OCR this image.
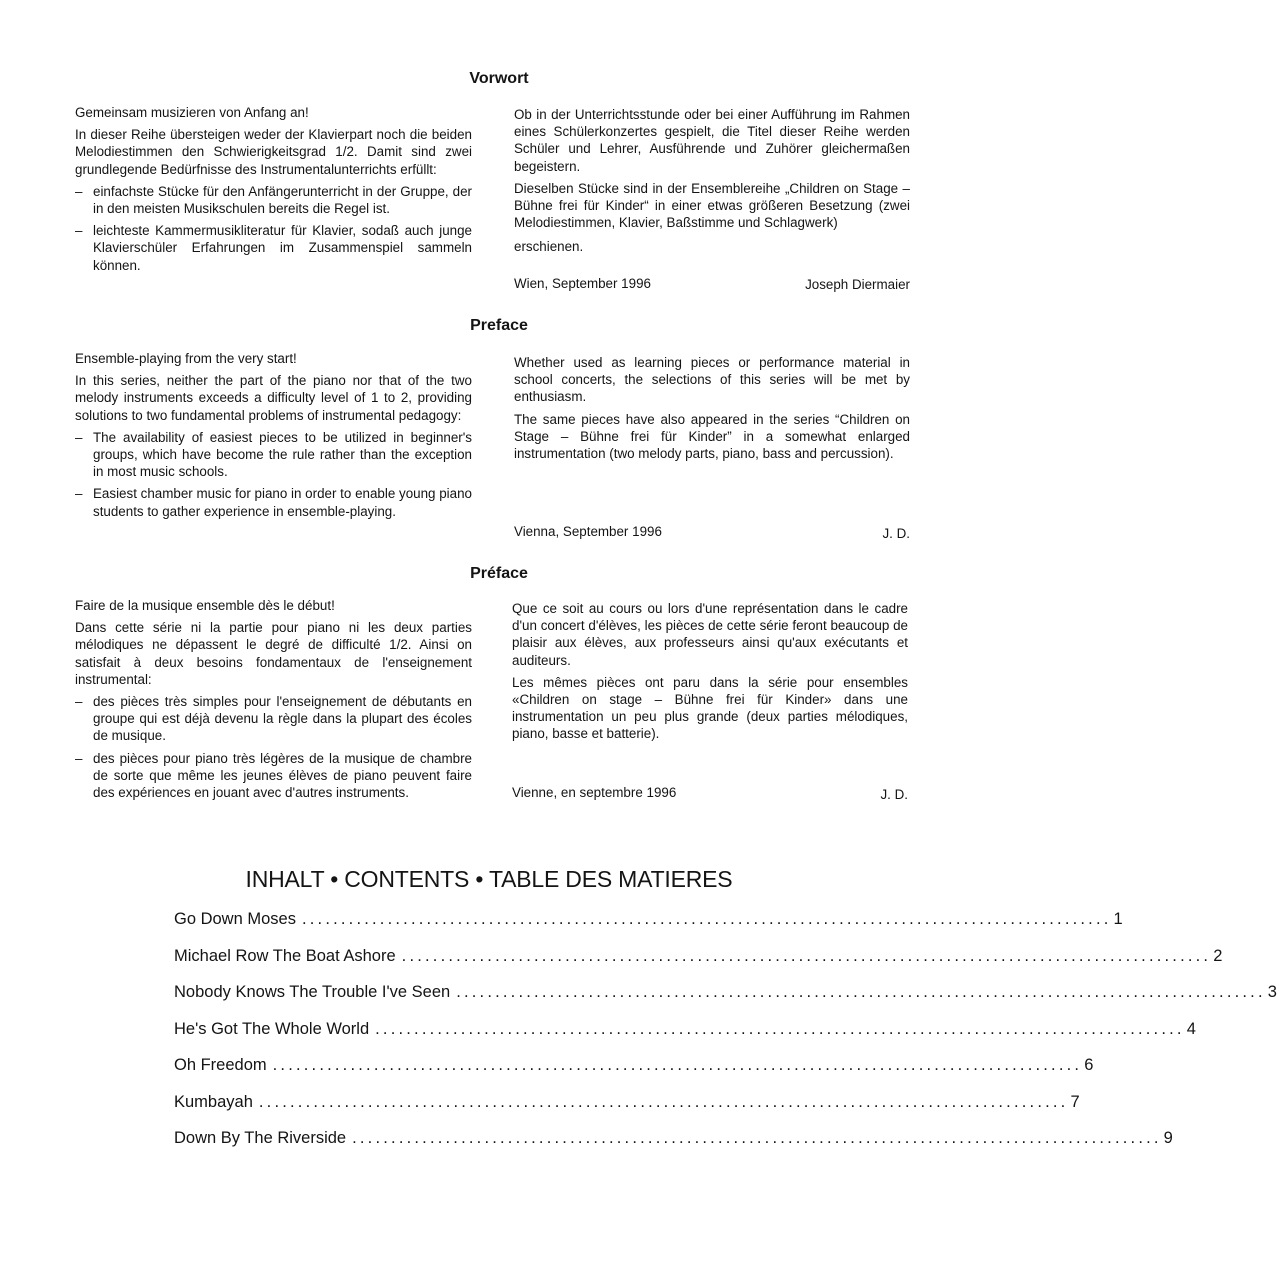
Vorwort

Gemeinsam musizieren von Anfang an!

In dieser Reihe übersteigen weder der Klavierpart noch die beiden Melodiestimmen den Schwierigkeitsgrad 1/2. Damit sind zwei grundlegende Bedürfnisse des Instrumentalunterrichts erfüllt:

– einfachste Stücke für den Anfängerunterricht in der Gruppe, der in den meisten Musikschulen bereits die Regel ist.
– leichteste Kammermusikliteratur für Klavier, sodaß auch junge Klavierschüler Erfahrungen im Zusammenspiel sammeln können.

Ob in der Unterrichtsstunde oder bei einer Aufführung im Rahmen eines Schülerkonzertes gespielt, die Titel dieser Reihe werden Schüler und Lehrer, Ausführende und Zuhörer gleichermaßen begeistern.

Dieselben Stücke sind in der Ensemblereihe „Children on Stage – Bühne frei für Kinder“ in einer etwas größeren Besetzung (zwei Melodiestimmen, Klavier, Baßstimme und Schlagwerk)

erschienen.

Wien, September 1996	Joseph Diermaier
Preface

Ensemble-playing from the very start!

In this series, neither the part of the piano nor that of the two melody instruments exceeds a difficulty level of 1 to 2, providing solutions to two fundamental problems of instrumental pedagogy:

– The availability of easiest pieces to be utilized in beginner's groups, which have become the rule rather than the exception in most music schools.
– Easiest chamber music for piano in order to enable young piano students to gather experience in ensemble-playing.

Whether used as learning pieces or performance material in school concerts, the selections of this series will be met by enthusiasm.

The same pieces have also appeared in the series “Children on Stage – Bühne frei für Kinder” in a somewhat enlarged instrumentation (two melody parts, piano, bass and percussion).

Vienna, September 1996	J. D.
Préface

Faire de la musique ensemble dès le début!

Dans cette série ni la partie pour piano ni les deux parties mélodiques ne dépassent le degré de difficulté 1/2. Ainsi on satisfait à deux besoins fondamentaux de l'enseignement instrumental:

– des pièces très simples pour l'enseignement de débutants en groupe qui est déjà devenu la règle dans la plupart des écoles de musique.
– des pièces pour piano très légères de la musique de chambre de sorte que même les jeunes élèves de piano peuvent faire des expériences en jouant avec d'autres instruments.

Que ce soit au cours ou lors d'une représentation dans le cadre d'un concert d'élèves, les pièces de cette série feront beaucoup de plaisir aux élèves, aux professeurs ainsi qu'aux exécutants et auditeurs.

Les mêmes pièces ont paru dans la série pour ensembles «Children on stage – Bühne frei für Kinder» dans une instrumentation un peu plus grande (deux parties mélodiques, piano, basse et batterie).

Vienne, en septembre 1996	J. D.
INHALT • CONTENTS • TABLE DES MATIERES
Go Down Moses ........................................................................................................ 1
Michael Row The Boat Ashore ........................................................................................................ 2
Nobody Knows The Trouble I've Seen ........................................................................................................ 3
He's Got The Whole World ........................................................................................................ 4
Oh Freedom ........................................................................................................ 6
Kumbayah ........................................................................................................ 7
Down By The Riverside ........................................................................................................ 9
